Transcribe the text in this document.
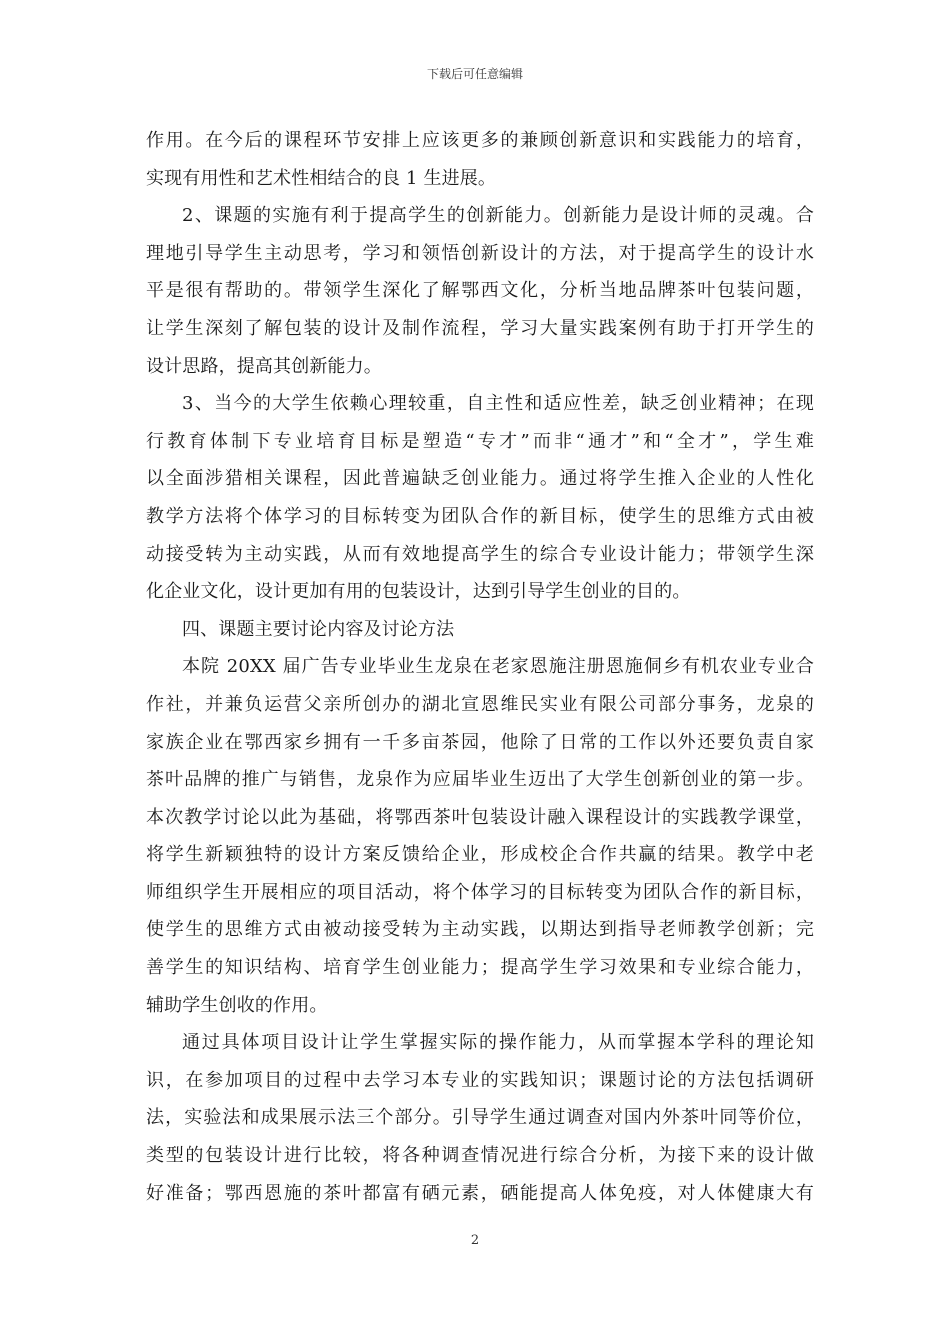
下载后可任意编辑
作用。在今后的课程环节安排上应该更多的兼顾创新意识和实践能力的培育，
实现有用性和艺术性相结合的良 1 生进展。
2、课题的实施有利于提高学生的创新能力。创新能力是设计师的灵魂。合
理地引导学生主动思考，学习和领悟创新设计的方法，对于提高学生的设计水
平是很有帮助的。带领学生深化了解鄂西文化，分析当地品牌茶叶包装问题，
让学生深刻了解包装的设计及制作流程，学习大量实践案例有助于打开学生的
设计思路，提高其创新能力。
3、当今的大学生依赖心理较重，自主性和适应性差，缺乏创业精神；在现
行教育体制下专业培育目标是塑造“专才”而非“通才”和“全才”，学生难
以全面涉猎相关课程，因此普遍缺乏创业能力。通过将学生推入企业的人性化
教学方法将个体学习的目标转变为团队合作的新目标，使学生的思维方式由被
动接受转为主动实践，从而有效地提高学生的综合专业设计能力；带领学生深
化企业文化，设计更加有用的包装设计，达到引导学生创业的目的。
四、课题主要讨论内容及讨论方法
本院 20XX 届广告专业毕业生龙泉在老家恩施注册恩施侗乡有机农业专业合
作社，并兼负运营父亲所创办的湖北宣恩维民实业有限公司部分事务，龙泉的
家族企业在鄂西家乡拥有一千多亩茶园，他除了日常的工作以外还要负责自家
茶叶品牌的推广与销售，龙泉作为应届毕业生迈出了大学生创新创业的第一步。
本次教学讨论以此为基础，将鄂西茶叶包装设计融入课程设计的实践教学课堂，
将学生新颖独特的设计方案反馈给企业，形成校企合作共赢的结果。教学中老
师组织学生开展相应的项目活动，将个体学习的目标转变为团队合作的新目标，
使学生的思维方式由被动接受转为主动实践，以期达到指导老师教学创新；完
善学生的知识结构、培育学生创业能力；提高学生学习效果和专业综合能力，
辅助学生创收的作用。
通过具体项目设计让学生掌握实际的操作能力，从而掌握本学科的理论知
识，在参加项目的过程中去学习本专业的实践知识；课题讨论的方法包括调研
法，实验法和成果展示法三个部分。引导学生通过调查对国内外茶叶同等价位，
类型的包装设计进行比较，将各种调查情况进行综合分析，为接下来的设计做
好准备；鄂西恩施的茶叶都富有硒元素，硒能提高人体免疫，对人体健康大有
2
